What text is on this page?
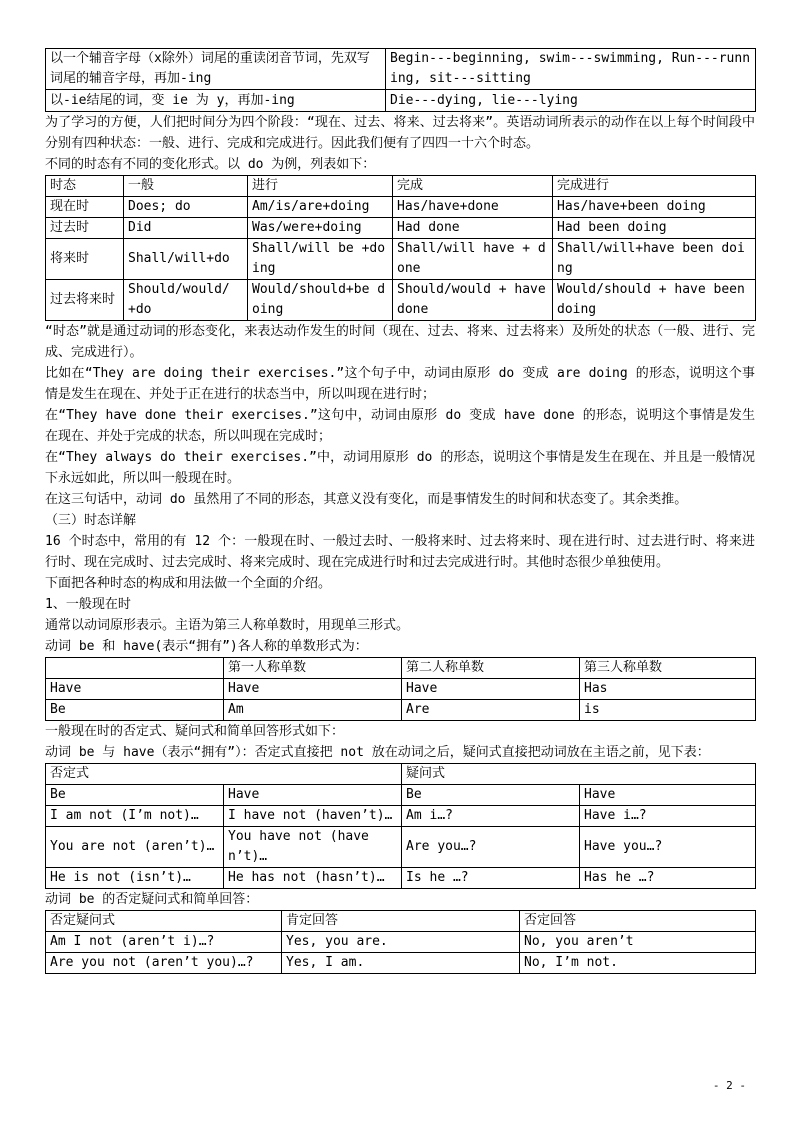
以一个辅音字母（x除外）词尾的重读闭音节词，先双写词尾的辅音字母，再加-ing	Begin---beginning, swim---swimming, Run---running, sit---sitting
以-ie结尾的词，变 ie 为 y，再加-ing	Die---dying, lie---lying

为了学习的方便，人们把时间分为四个阶段：“现在、过去、将来、过去将来”。英语动词所表示的动作在以上每个时间段中分别有四种状态：一般、进行、完成和完成进行。因此我们便有了四四一十六个时态。

不同的时态有不同的变化形式。以 do 为例，列表如下：

时态	一般	进行	完成	完成进行
现在时	Does; do	Am/is/are+doing	Has/have+done	Has/have+been doing
过去时	Did	Was/were+doing	Had done	Had been doing
将来时	Shall/will+do	Shall/will be +doing	Shall/will have + done	Shall/will+have been doing
过去将来时	Should/would/ +do	Would/should+be doing	Should/would + have done	Would/should + have been doing

“时态”就是通过动词的形态变化，来表达动作发生的时间（现在、过去、将来、过去将来）及所处的状态（一般、进行、完成、完成进行）。

比如在“They are doing their exercises.”这个句子中，动词由原形 do 变成 are doing 的形态，说明这个事情是发生在现在、并处于正在进行的状态当中，所以叫现在进行时；

在“They have done their exercises.”这句中，动词由原形 do 变成 have done 的形态，说明这个事情是发生在现在、并处于完成的状态，所以叫现在完成时；

在“They always do their exercises.”中，动词用原形 do 的形态，说明这个事情是发生在现在、并且是一般情况下永远如此，所以叫一般现在时。

在这三句话中，动词 do 虽然用了不同的形态，其意义没有变化，而是事情发生的时间和状态变了。其余类推。

（三）时态详解

16 个时态中，常用的有 12 个：一般现在时、一般过去时、一般将来时、过去将来时、现在进行时、过去进行时、将来进行时、现在完成时、过去完成时、将来完成时、现在完成进行时和过去完成进行时。其他时态很少单独使用。

下面把各种时态的构成和用法做一个全面的介绍。

1、一般现在时

通常以动词原形表示。主语为第三人称单数时，用现单三形式。

动词 be 和 have(表示“拥有”)各人称的单数形式为：

	第一人称单数	第二人称单数	第三人称单数
Have	Have	Have	Has
Be	Am	Are	is

一般现在时的否定式、疑问式和简单回答形式如下：

动词 be 与 have（表示“拥有”）：否定式直接把 not 放在动词之后，疑问式直接把动词放在主语之前，见下表：

否定式		疑问式	
Be	Have	Be	Have
I am not (I’m not)…	I have not (haven’t)…	Am i…?	Have i…?
You are not (aren’t)…	You have not (haven’t)…	Are you…?	Have you…?
He is not (isn’t)…	He has not (hasn’t)…	Is he …?	Has he …?

动词 be 的否定疑问式和简单回答：

否定疑问式	肯定回答	否定回答
Am I not (aren’t i)…?	Yes, you are.	No, you aren’t
Are you not (aren’t you)…?	Yes, I am.	No, I’m not.
- 2 -
